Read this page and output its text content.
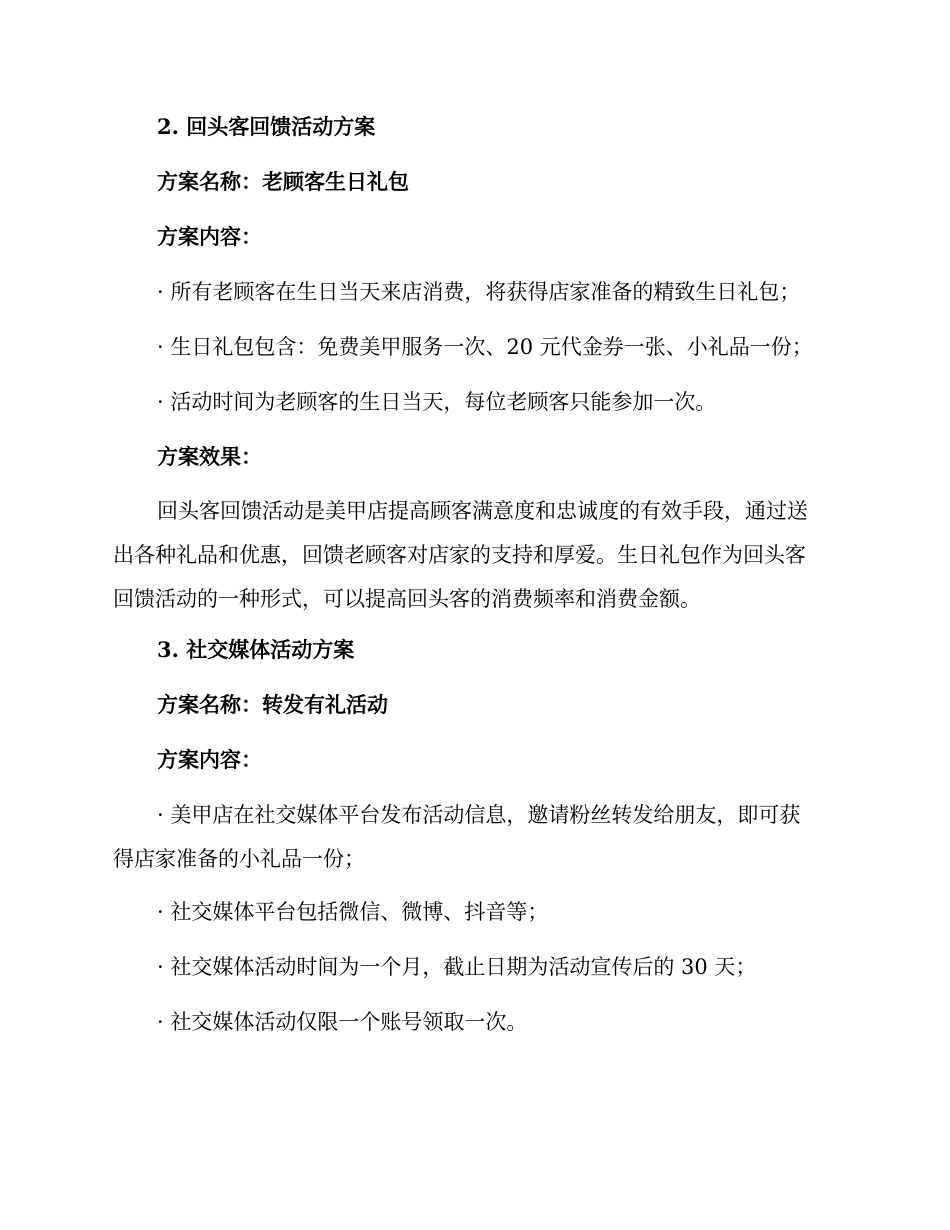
2. 回头客回馈活动方案
方案名称：老顾客生日礼包
方案内容：
· 所有老顾客在生日当天来店消费，将获得店家准备的精致生日礼包；
· 生日礼包包含：免费美甲服务一次、20 元代金券一张、小礼品一份；
· 活动时间为老顾客的生日当天，每位老顾客只能参加一次。
方案效果：
回头客回馈活动是美甲店提高顾客满意度和忠诚度的有效手段，通过送
出各种礼品和优惠，回馈老顾客对店家的支持和厚爱。生日礼包作为回头客
回馈活动的一种形式，可以提高回头客的消费频率和消费金额。
3. 社交媒体活动方案
方案名称：转发有礼活动
方案内容：
· 美甲店在社交媒体平台发布活动信息，邀请粉丝转发给朋友，即可获
得店家准备的小礼品一份；
· 社交媒体平台包括微信、微博、抖音等；
· 社交媒体活动时间为一个月，截止日期为活动宣传后的 30 天；
· 社交媒体活动仅限一个账号领取一次。
